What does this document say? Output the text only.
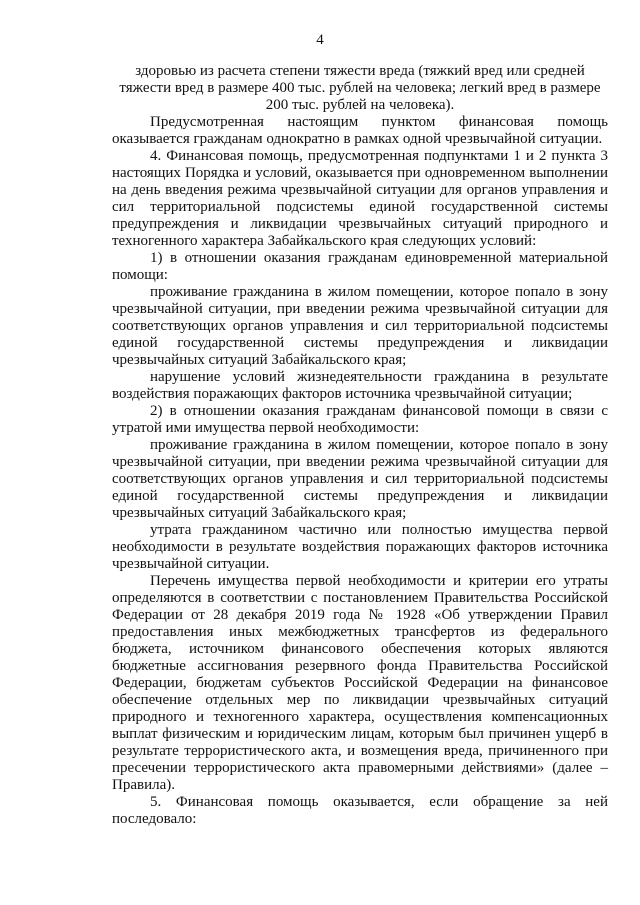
4

здоровью из расчета степени тяжести вреда (тяжкий вред или средней тяжести вред в размере 400 тыс. рублей на человека; легкий вред в размере 200 тыс. рублей на человека).

Предусмотренная настоящим пунктом финансовая помощь оказывается гражданам однократно в рамках одной чрезвычайной ситуации.

4. Финансовая помощь, предусмотренная подпунктами 1 и 2 пункта 3 настоящих Порядка и условий, оказывается при одновременном выполнении на день введения режима чрезвычайной ситуации для органов управления и сил территориальной подсистемы единой государственной системы предупреждения и ликвидации чрезвычайных ситуаций природного и техногенного характера Забайкальского края следующих условий:

1) в отношении оказания гражданам единовременной материальной помощи:

проживание гражданина в жилом помещении, которое попало в зону чрезвычайной ситуации, при введении режима чрезвычайной ситуации для соответствующих органов управления и сил территориальной подсистемы единой государственной системы предупреждения и ликвидации чрезвычайных ситуаций Забайкальского края;

нарушение условий жизнедеятельности гражданина в результате воздействия поражающих факторов источника чрезвычайной ситуации;

2) в отношении оказания гражданам финансовой помощи в связи с утратой ими имущества первой необходимости:

проживание гражданина в жилом помещении, которое попало в зону чрезвычайной ситуации, при введении режима чрезвычайной ситуации для соответствующих органов управления и сил территориальной подсистемы единой государственной системы предупреждения и ликвидации чрезвычайных ситуаций Забайкальского края;

утрата гражданином частично или полностью имущества первой необходимости в результате воздействия поражающих факторов источника чрезвычайной ситуации.

Перечень имущества первой необходимости и критерии его утраты определяются в соответствии с постановлением Правительства Российской Федерации от 28 декабря 2019 года № 1928 «Об утверждении Правил предоставления иных межбюджетных трансфертов из федерального бюджета, источником финансового обеспечения которых являются бюджетные ассигнования резервного фонда Правительства Российской Федерации, бюджетам субъектов Российской Федерации на финансовое обеспечение отдельных мер по ликвидации чрезвычайных ситуаций природного и техногенного характера, осуществления компенсационных выплат физическим и юридическим лицам, которым был причинен ущерб в результате террористического акта, и возмещения вреда, причиненного при пресечении террористического акта правомерными действиями» (далее – Правила).

5. Финансовая помощь оказывается, если обращение за ней последовало:
